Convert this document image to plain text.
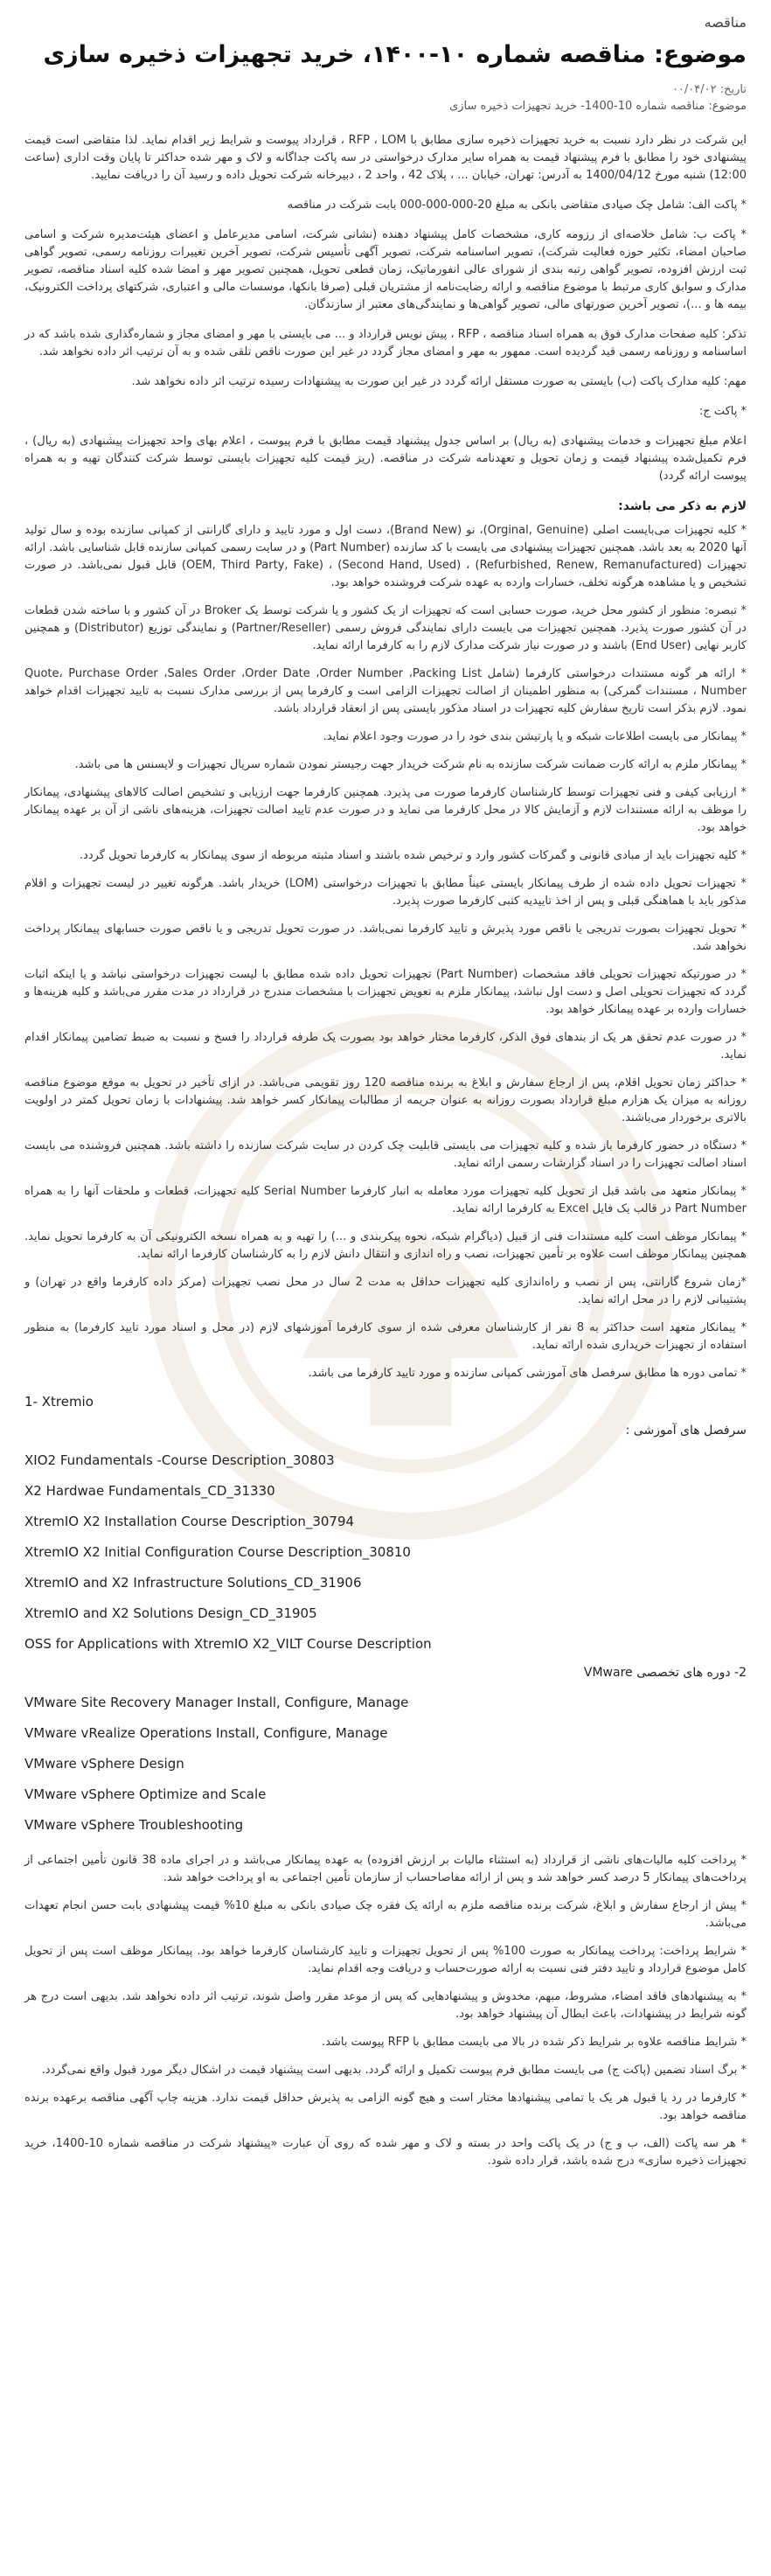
مناقصه
موضوع: مناقصه شماره ۱۰-۱۴۰۰، خرید تجهیزات ذخیره سازی
تاریخ: ۰۰/۰۴/۰۲
موضوع: مناقصه شماره 10-1400- خرید تجهیزات ذخیره سازی

این شرکت در نظر دارد نسبت به خرید تجهیزات ذخیره سازی مطابق با RFP ، LOM ، قرارداد پیوست و شرایط زیر اقدام نماید. لذا متقاضی است قیمت پیشنهادی خود را مطابق با فرم پیشنهاد قیمت به همراه سایر مدارک درخواستی در سه پاکت جداگانه و لاک و مهر شده حداکثر تا پایان وقت اداری (ساعت 12:00) شنبه مورخ 1400/04/12 به آدرس: تهران، خیابان ... ، پلاک 42 ، واحد 2 ، دبیرخانه شرکت تحویل داده و رسید آن را دریافت نمایید.

* پاکت الف: شامل چک صیادی متقاضی بانکی به مبلغ 20-000-000-000 بابت شرکت در مناقصه

* پاکت ب: شامل خلاصه‌ای از رزومه کاری، مشخصات کامل پیشنهاد دهنده (نشانی شرکت، اسامی مدیرعامل و اعضای هیئت‌مدیره شرکت و اسامی صاحبان امضاء، تکثیر حوزه فعالیت شرکت)، تصویر اساسنامه شرکت، تصویر آگهی تأسیس شرکت، تصویر آخرین تغییرات روزنامه رسمی، تصویر گواهی ثبت ارزش افزوده، تصویر گواهی رتبه بندی از شورای عالی انفورماتیک، زمان قطعی تحویل، همچنین تصویر مهر و امضا شده کلیه اسناد مناقصه، تصویر مدارک و سوابق کاری مرتبط با موضوع مناقصه و ارائه رضایت‌نامه از مشتریان قبلی (صرفا بانکها، موسسات مالی و اعتباری، شرکتهای پرداخت الکترونیک، بیمه ها و ...)، تصویر آخرین صورتهای مالی، تصویر گواهی‌ها و نمایندگی‌های معتبر از سازندگان.

تذکر: کلیه صفحات مدارک فوق به همراه اسناد مناقصه ، RFP ، پیش نویس قرارداد و ... می بایستی با مهر و امضای مجاز و شماره‌گذاری شده باشد که در اساسنامه و روزنامه رسمی قید گردیده است. ممهور به مهر و امضای مجاز گردد در غیر این صورت ناقص تلقی شده و به آن ترتیب اثر داده نخواهد شد.

مهم: کلیه مدارک پاکت (ب) بایستی به صورت مستقل ارائه گردد در غیر این صورت به پیشنهادات رسیده ترتیب اثر داده نخواهد شد.

* پاکت ج:

اعلام مبلغ تجهیزات و خدمات پیشنهادی (به ریال) بر اساس جدول پیشنهاد قیمت مطابق با فرم پیوست ، اعلام بهای واحد تجهیزات پیشنهادی (به ریال) ، فرم تکمیل‌شده پیشنهاد قیمت و زمان تحویل و تعهدنامه شرکت در مناقصه. (ریز قیمت کلیه تجهیزات بایستی توسط شرکت کنندگان تهیه و به همراه پیوست ارائه گردد)

لازم به ذکر می باشد:

* کلیه تجهیزات می‌بایست اصلی (Orginal, Genuine)، نو (Brand New)، دست اول و مورد تایید و دارای گارانتی از کمپانی سازنده بوده و سال تولید آنها 2020 به بعد باشد. همچنین تجهیزات پیشنهادی می بایست با کد سازنده (Part Number) و در سایت رسمی کمپانی سازنده قابل شناسایی باشد. ارائه تجهیزات (Refurbished, Renew, Remanufactured) ، (Second Hand, Used) ، (OEM, Third Party, Fake) قابل قبول نمی‌باشد. در صورت تشخیص و یا مشاهده هرگونه تخلف، خسارات وارده به عهده شرکت فروشنده خواهد بود.

* تبصره: منظور از کشور محل خرید، صورت حسابی است که تجهیزات از یک کشور و یا شرکت توسط یک Broker در آن کشور و با ساخته شدن قطعات در آن کشور صورت پذیرد. همچنین تجهیزات می بایست دارای نمایندگی فروش رسمی (Partner/Reseller) و نمایندگی توزیع (Distributor) و همچنین کاربر نهایی (End User) باشند و در صورت نیاز شرکت مدارک لازم را به کارفرما ارائه نماید.

* ارائه هر گونه مستندات درخواستی کارفرما (شامل Quote، Purchase Order ،Sales Order ،Order Date ،Order Number ،Packing List Number ، مستندات گمرکی) به منظور اطمینان از اصالت تجهیزات الزامی است و کارفرما پس از بررسی مدارک نسبت به تایید تجهیزات اقدام خواهد نمود. لازم بذکر است تاریخ سفارش کلیه تجهیزات در اسناد مذکور بایستی پس از انعقاد قرارداد باشد.

* پیمانکار می بایست اطلاعات شبکه و یا پارتیشن بندی خود را در صورت وجود اعلام نماید.

* پیمانکار ملزم به ارائه کارت ضمانت شرکت سازنده به نام شرکت خریدار جهت رجیستر نمودن شماره سریال تجهیزات و لایسنس ها می باشد.

* ارزیابی کیفی و فنی تجهیزات توسط کارشناسان کارفرما صورت می پذیرد. همچنین کارفرما جهت ارزیابی و تشخیص اصالت کالاهای پیشنهادی، پیمانکار را موظف به ارائه مستندات لازم و آزمایش کالا در محل کارفرما می نماید و در صورت عدم تایید اصالت تجهیزات، هزینه‌های ناشی از آن بر عهده پیمانکار خواهد بود.

* کلیه تجهیزات باید از مبادی قانونی و گمرکات کشور وارد و ترخیص شده باشند و اسناد مثبته مربوطه از سوی پیمانکار به کارفرما تحویل گردد.

* تجهیزات تحویل داده شده از طرف پیمانکار بایستی عیناً مطابق با تجهیزات درخواستی (LOM) خریدار باشد. هرگونه تغییر در لیست تجهیزات و اقلام مذکور باید با هماهنگی قبلی و پس از اخذ تاییدیه کتبی کارفرما صورت پذیرد.

* تحویل تجهیزات بصورت تدریجی یا ناقص مورد پذیرش و تایید کارفرما نمی‌باشد. در صورت تحویل تدریجی و یا ناقص صورت حسابهای پیمانکار پرداخت نخواهد شد.

* در صورتیکه تجهیزات تحویلی فاقد مشخصات (Part Number) تجهیزات تحویل داده شده مطابق با لیست تجهیزات درخواستی نباشد و یا اینکه اثبات گردد که تجهیزات تحویلی اصل و دست اول نباشد، پیمانکار ملزم به تعویض تجهیزات با مشخصات مندرج در قرارداد در مدت مقرر می‌باشد و کلیه هزینه‌ها و خسارات وارده بر عهده پیمانکار خواهد بود.

* در صورت عدم تحقق هر یک از بندهای فوق الذکر، کارفرما مختار خواهد بود بصورت یک طرفه قرارداد را فسخ و نسبت به ضبط تضامین پیمانکار اقدام نماید.

* حداکثر زمان تحویل اقلام، پس از ارجاع سفارش و ابلاغ به برنده مناقصه 120 روز تقویمی می‌باشد. در ازای تأخیر در تحویل به موقع موضوع مناقصه روزانه به میزان یک هزارم مبلغ قرارداد بصورت روزانه به عنوان جریمه از مطالبات پیمانکار کسر خواهد شد. پیشنهادات با زمان تحویل کمتر در اولویت بالاتری برخوردار می‌باشند.

* دستگاه در حضور کارفرما باز شده و کلیه تجهیزات می بایستی قابلیت چک کردن در سایت شرکت سازنده را داشته باشد. همچنین فروشنده می بایست اسناد اصالت تجهیزات را در اسناد گزارشات رسمی ارائه نماید.

* پیمانکار متعهد می باشد قبل از تحویل کلیه تجهیزات مورد معامله به انبار کارفرما Serial Number کلیه تجهیزات، قطعات و ملحقات آنها را به همراه Part Number در قالب یک فایل Excel به کارفرما ارائه نماید.

* پیمانکار موظف است کلیه مستندات فنی از قبیل (دیاگرام شبکه، نحوه پیکربندی و ...) را تهیه و به همراه نسخه الکترونیکی آن به کارفرما تحویل نماید. همچنین پیمانکار موظف است علاوه بر تأمین تجهیزات، نصب و راه اندازی و انتقال دانش لازم را به کارشناسان کارفرما ارائه نماید.

*زمان شروع گارانتی، پس از نصب و راه‌اندازی کلیه تجهیزات حداقل به مدت 2 سال در محل نصب تجهیزات (مرکز داده کارفرما واقع در تهران) و پشتیبانی لازم را در محل ارائه نماید.

* پیمانکار متعهد است حداکثر به 8 نفر از کارشناسان معرفی شده از سوی کارفرما آموزشهای لازم (در محل و اسناد مورد تایید کارفرما) به منظور استفاده از تجهیزات خریداری شده ارائه نماید.

* تمامی دوره ها مطابق سرفصل های آموزشی کمپانی سازنده و مورد تایید کارفرما می باشد.

1- Xtremio
سرفصل های آموزشی :
XIO2 Fundamentals -Course Description_30803
X2 Hardwae Fundamentals_CD_31330
XtremIO X2 Installation Course Description_30794
XtremIO X2 Initial Configuration Course Description_30810
XtremIO and X2 Infrastructure Solutions_CD_31906
XtremIO and X2 Solutions Design_CD_31905
OSS for Applications with XtremIO X2_VILT Course Description
2- دوره های تخصصی VMware
VMware Site Recovery Manager Install, Configure, Manage
VMware vRealize Operations Install, Configure, Manage
VMware vSphere Design
VMware vSphere Optimize and Scale
VMware vSphere Troubleshooting

* پرداخت کلیه مالیات‌های ناشی از قرارداد (به استثناء مالیات بر ارزش افزوده) به عهده پیمانکار می‌باشد و در اجرای ماده 38 قانون تأمین اجتماعی از پرداخت‌های پیمانکار 5 درصد کسر خواهد شد و پس از ارائه مفاصاحساب از سازمان تأمین اجتماعی به او پرداخت خواهد شد.

* پیش از ارجاع سفارش و ابلاغ، شرکت برنده مناقصه ملزم به ارائه یک فقره چک صیادی بانکی به مبلغ 10% قیمت پیشنهادی بابت حسن انجام تعهدات می‌باشد.

* شرایط پرداخت: پرداخت پیمانکار به صورت 100% پس از تحویل تجهیزات و تایید کارشناسان کارفرما خواهد بود. پیمانکار موظف است پس از تحویل کامل موضوع قرارداد و تایید دفتر فنی نسبت به ارائه صورت‌حساب و دریافت وجه اقدام نماید.

* به پیشنهادهای فاقد امضاء، مشروط، مبهم، مخدوش و پیشنهادهایی که پس از موعد مقرر واصل شوند، ترتیب اثر داده نخواهد شد. بدیهی است درج هر گونه شرایط در پیشنهادات، باعث ابطال آن پیشنهاد خواهد بود.

* شرایط مناقصه علاوه بر شرایط ذکر شده در بالا می بایست مطابق با RFP پیوست باشد.

* برگ اسناد تضمین (پاکت ج) می بایست مطابق فرم پیوست تکمیل و ارائه گردد. بدیهی است پیشنهاد قیمت در اشکال دیگر مورد قبول واقع نمی‌گردد.

* کارفرما در رد یا قبول هر یک یا تمامی پیشنهادها مختار است و هیچ گونه الزامی به پذیرش حداقل قیمت ندارد. هزینه چاپ آگهی مناقصه برعهده برنده مناقصه خواهد بود.

* هر سه پاکت (الف، ب و ج) در یک پاکت واحد در بسته و لاک و مهر شده که روی آن عبارت «پیشنهاد شرکت در مناقصه شماره 10-1400، خرید تجهیزات ذخیره سازی» درج شده باشد، قرار داده شود.
